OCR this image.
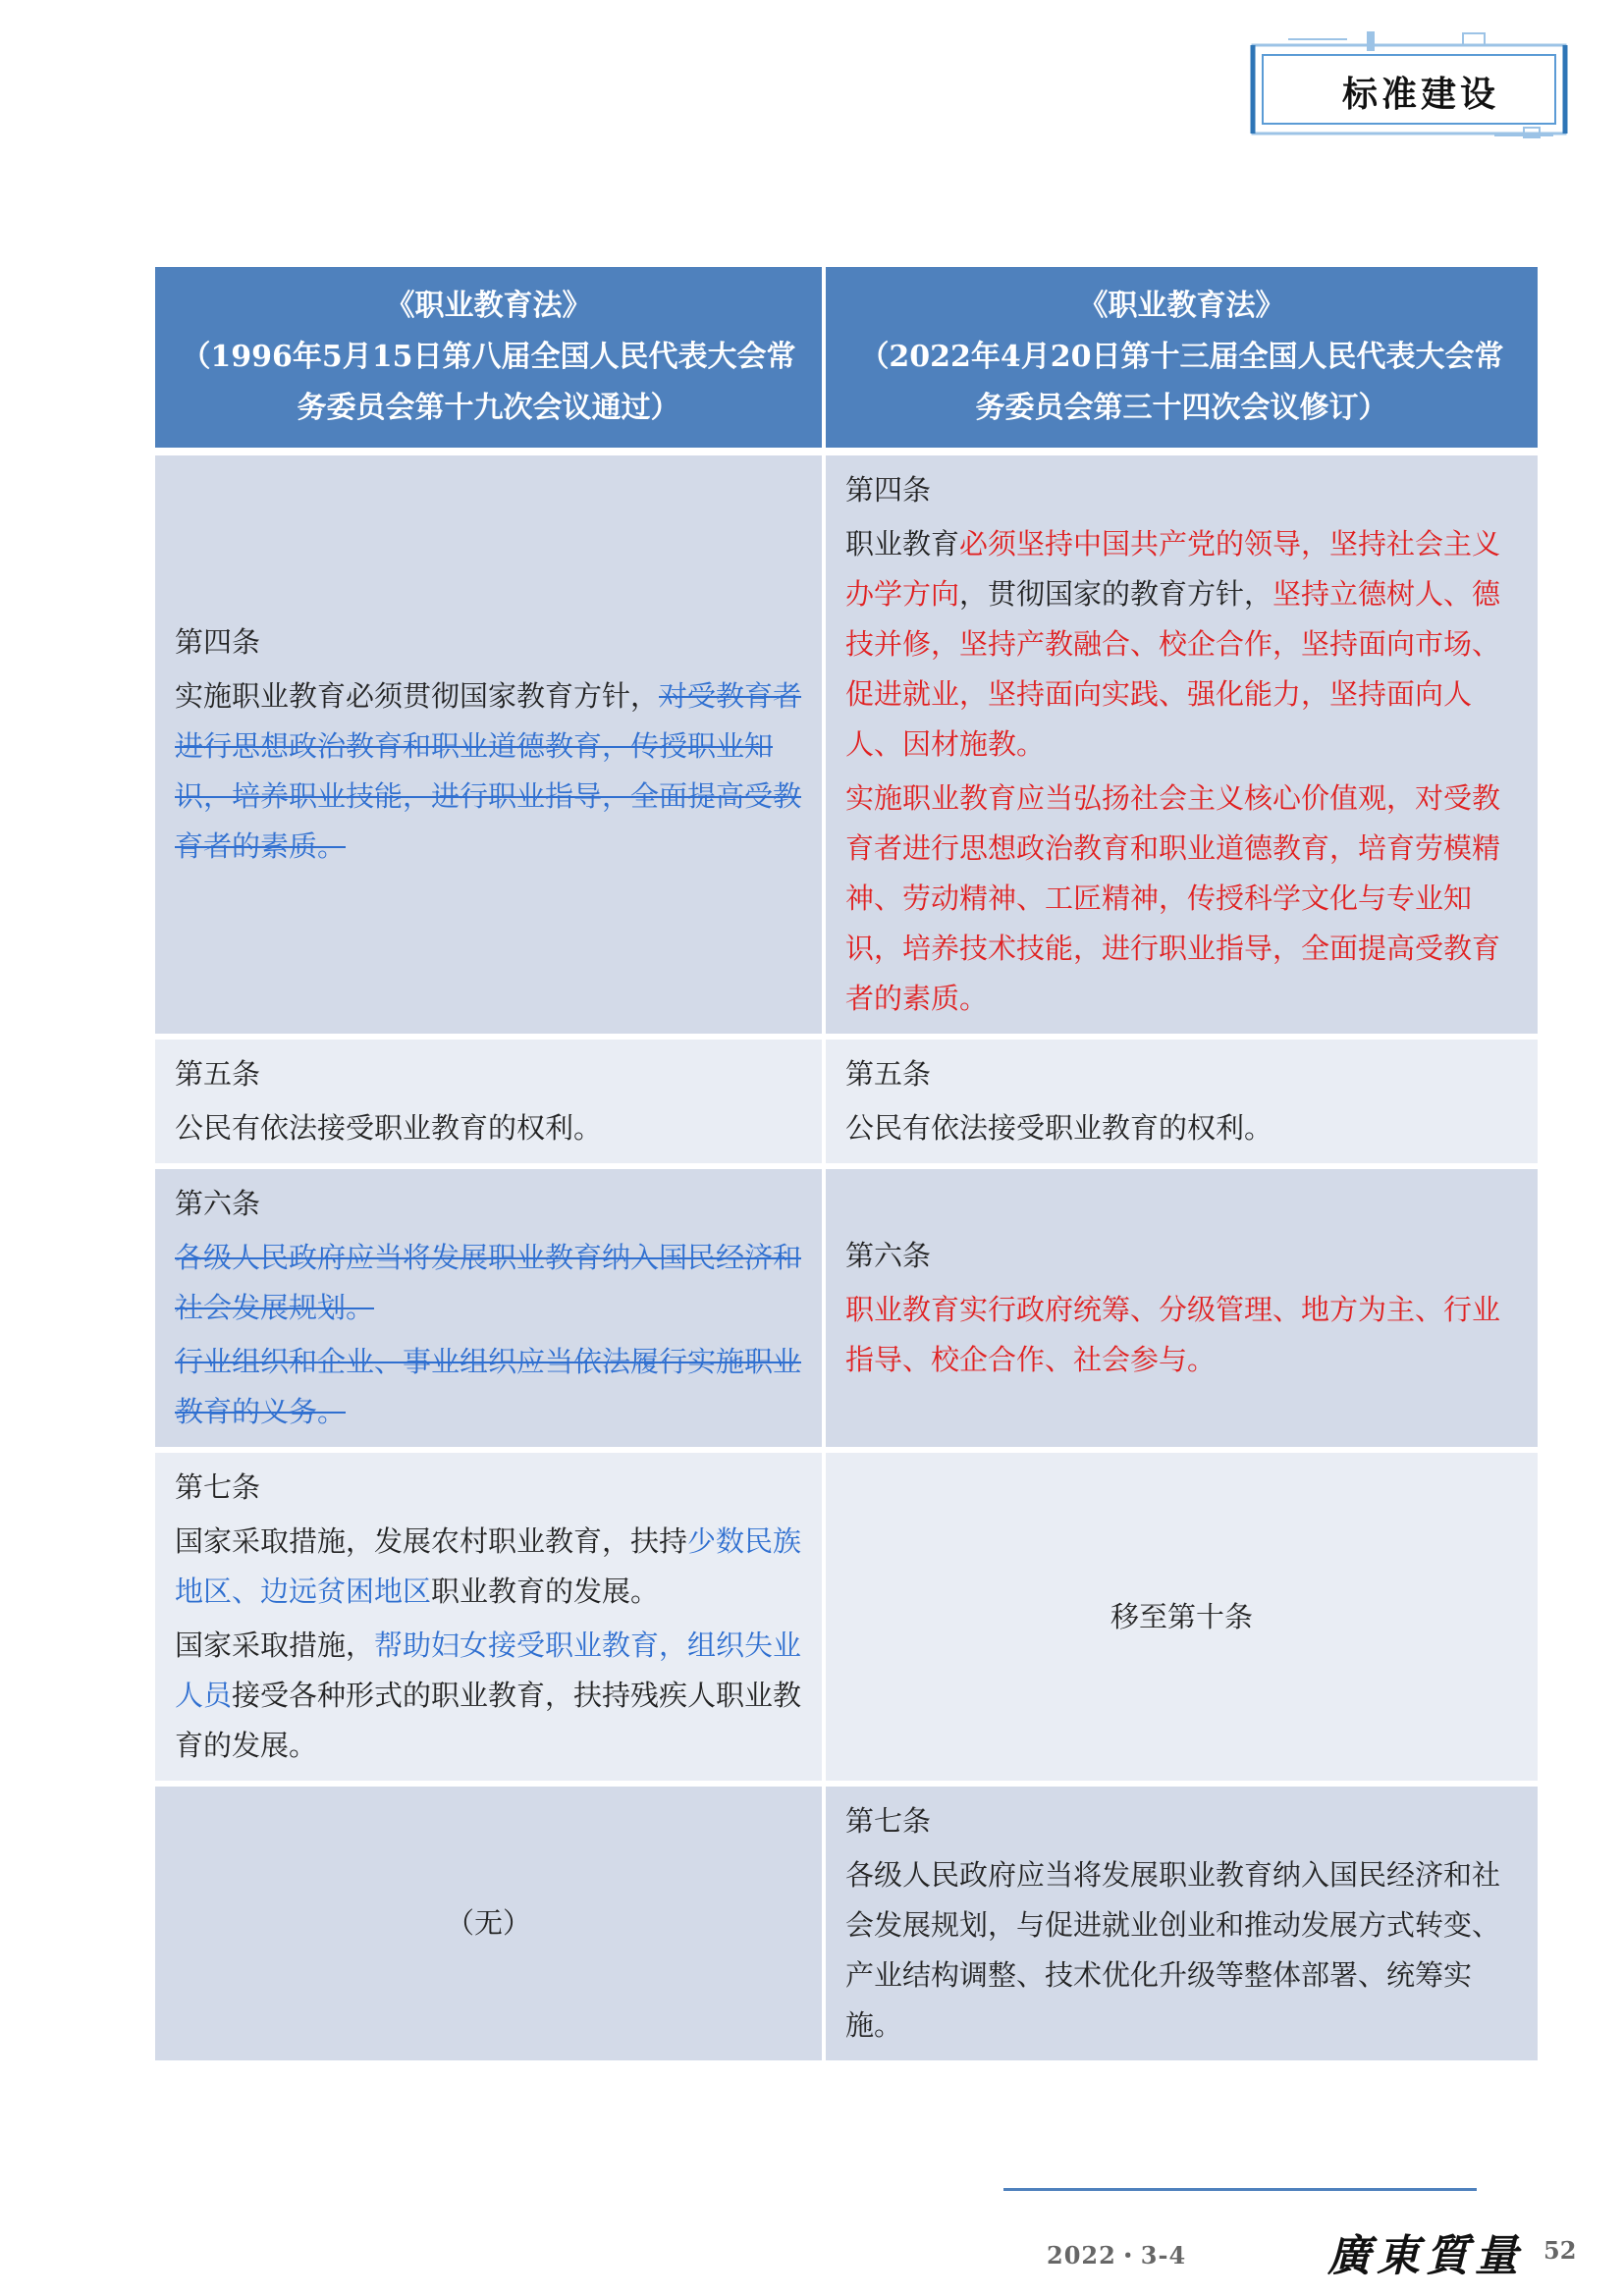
标准建设

《职业教育法》

（1996年5月15日第八届全国人民代表大会常务委员会第十九次会议通过）

《职业教育法》

（2022年4月20日第十三届全国人民代表大会常务委员会第三十四次会议修订）

第四条

实施职业教育必须贯彻国家教育方针，对受教育者进行思想政治教育和职业道德教育，传授职业知识，培养职业技能，进行职业指导，全面提高受教育者的素质。

第四条

职业教育必须坚持中国共产党的领导，坚持社会主义办学方向，贯彻国家的教育方针，坚持立德树人、德技并修，坚持产教融合、校企合作，坚持面向市场、促进就业，坚持面向实践、强化能力，坚持面向人人、因材施教。

实施职业教育应当弘扬社会主义核心价值观，对受教育者进行思想政治教育和职业道德教育，培育劳模精神、劳动精神、工匠精神，传授科学文化与专业知识，培养技术技能，进行职业指导，全面提高受教育者的素质。

第五条

公民有依法接受职业教育的权利。

第五条

公民有依法接受职业教育的权利。

第六条

各级人民政府应当将发展职业教育纳入国民经济和社会发展规划。

行业组织和企业、事业组织应当依法履行实施职业教育的义务。

第六条

职业教育实行政府统筹、分级管理、地方为主、行业指导、校企合作、社会参与。

第七条

国家采取措施，发展农村职业教育，扶持少数民族地区、边远贫困地区职业教育的发展。

国家采取措施，帮助妇女接受职业教育，组织失业人员接受各种形式的职业教育，扶持残疾人职业教育的发展。

移至第十条

（无）

第七条

各级人民政府应当将发展职业教育纳入国民经济和社会发展规划，与促进就业创业和推动发展方式转变、产业结构调整、技术优化升级等整体部署、统筹实施。

2022・3-4	廣東質量 52
